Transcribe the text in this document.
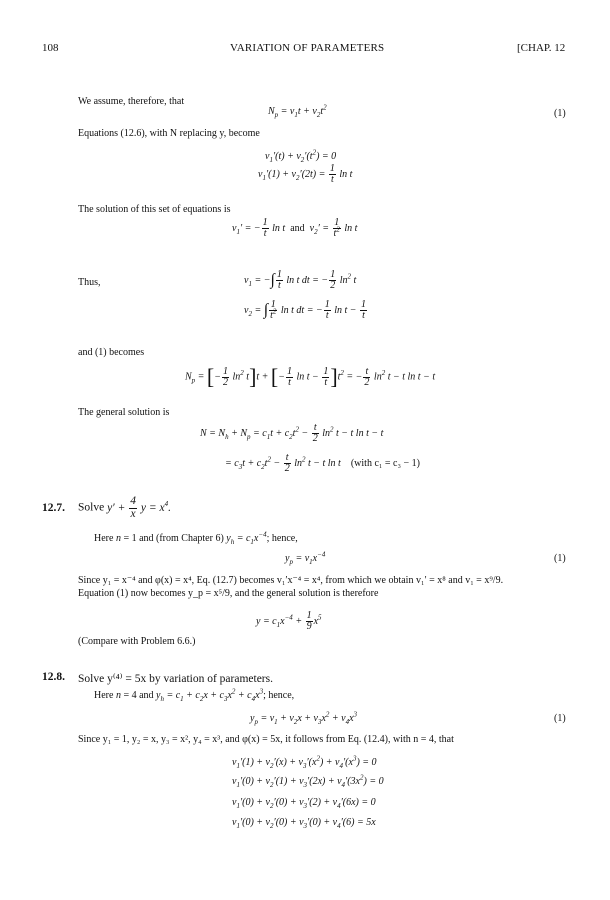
108	VARIATION OF PARAMETERS	[CHAP. 12
We assume, therefore, that
$N_p = v_1t + v_2t^2$
(1)
Equations (12.6), with N replacing y, become
$v_1'(t) + v_2'(t^2) = 0$
$v_1'(1) + v_2'(2t) = \frac{1}{t}$ ln t
The solution of this set of equations is
$v_1'$ = − $\frac{1}{t}$ ln t  and  $v_2' = \frac{1}{t^2}$ ln t
Thus,	$v_1$ = −∫ $\frac{1}{t}$ ln t dt = − $\frac{1}{2} \ln^2 t$
$v_2$ = ∫ $\frac{1}{t^2}$ ln t dt = − $\frac{1}{t}$ $\ln t - \frac{1}{t}$
and (1) becomes
$N_p$ = [− $\frac{1}{2} \ln^2 t]t$ + [− $\frac{1}{t}$ $\ln t - \frac{1}{t} ]t^2$ = − $\frac{t}{2} \ln^2 t - t$ ln t − t
The general solution is
$N = N_h + N_p = c_1t + c_2t^2 - \frac{t}{2} \ln^2 t - t$ ln t − t
= $c_3t + c_2t^2 - \frac{t}{2} \ln^2 t - t$ ln t    (with c₁ = c₃ − 1)
12.7. Solve $y' + \frac{4}{x}$ $y = x^4$.
Here n = 1 and (from Chapter 6) $y_h = c_1x^{-4}$; hence,
$y_p = v_1x^{-4}$	(1)
Since y₁ = x⁻⁴ and φ(x) = x⁴, Eq. (12.7) becomes v₁′x⁻⁴ = x⁴, from which we obtain v₁′ = x⁸ and v₁ = x⁹/9.
Equation (1) now becomes y_p = x⁵/9, and the general solution is therefore
$y = c_1x^{-4} + \frac{1}{9} x^5$
(Compare with Problem 6.6.)
12.8. Solve y⁽⁴⁾ = 5x by variation of parameters.
Here n = 4 and $y_h = c_1 + c_2x + c_3x^2 + c_4x^3$; hence,
$y_p = v_1 + v_2x + v_3x^2 + v_4x^3$	(1)
Since y₁ = 1, y₂ = x, y₃ = x², y₄ = x³, and φ(x) = 5x, it follows from Eq. (12.4), with n = 4, that
$v_1'(1) + v_2'(x) + v_3'(x^2) + v_4'(x^3) = 0$
$v_1'(0) + v_2'(1) + v_3'(2x) + v_4'(3x^2) = 0$
$v_1'(0) + v_2'(0) + v_3'(2) + v_4'(6x) = 0$
$v_1'(0) + v_2'(0) + v_3'(0) + v_4'(6) = 5x$
